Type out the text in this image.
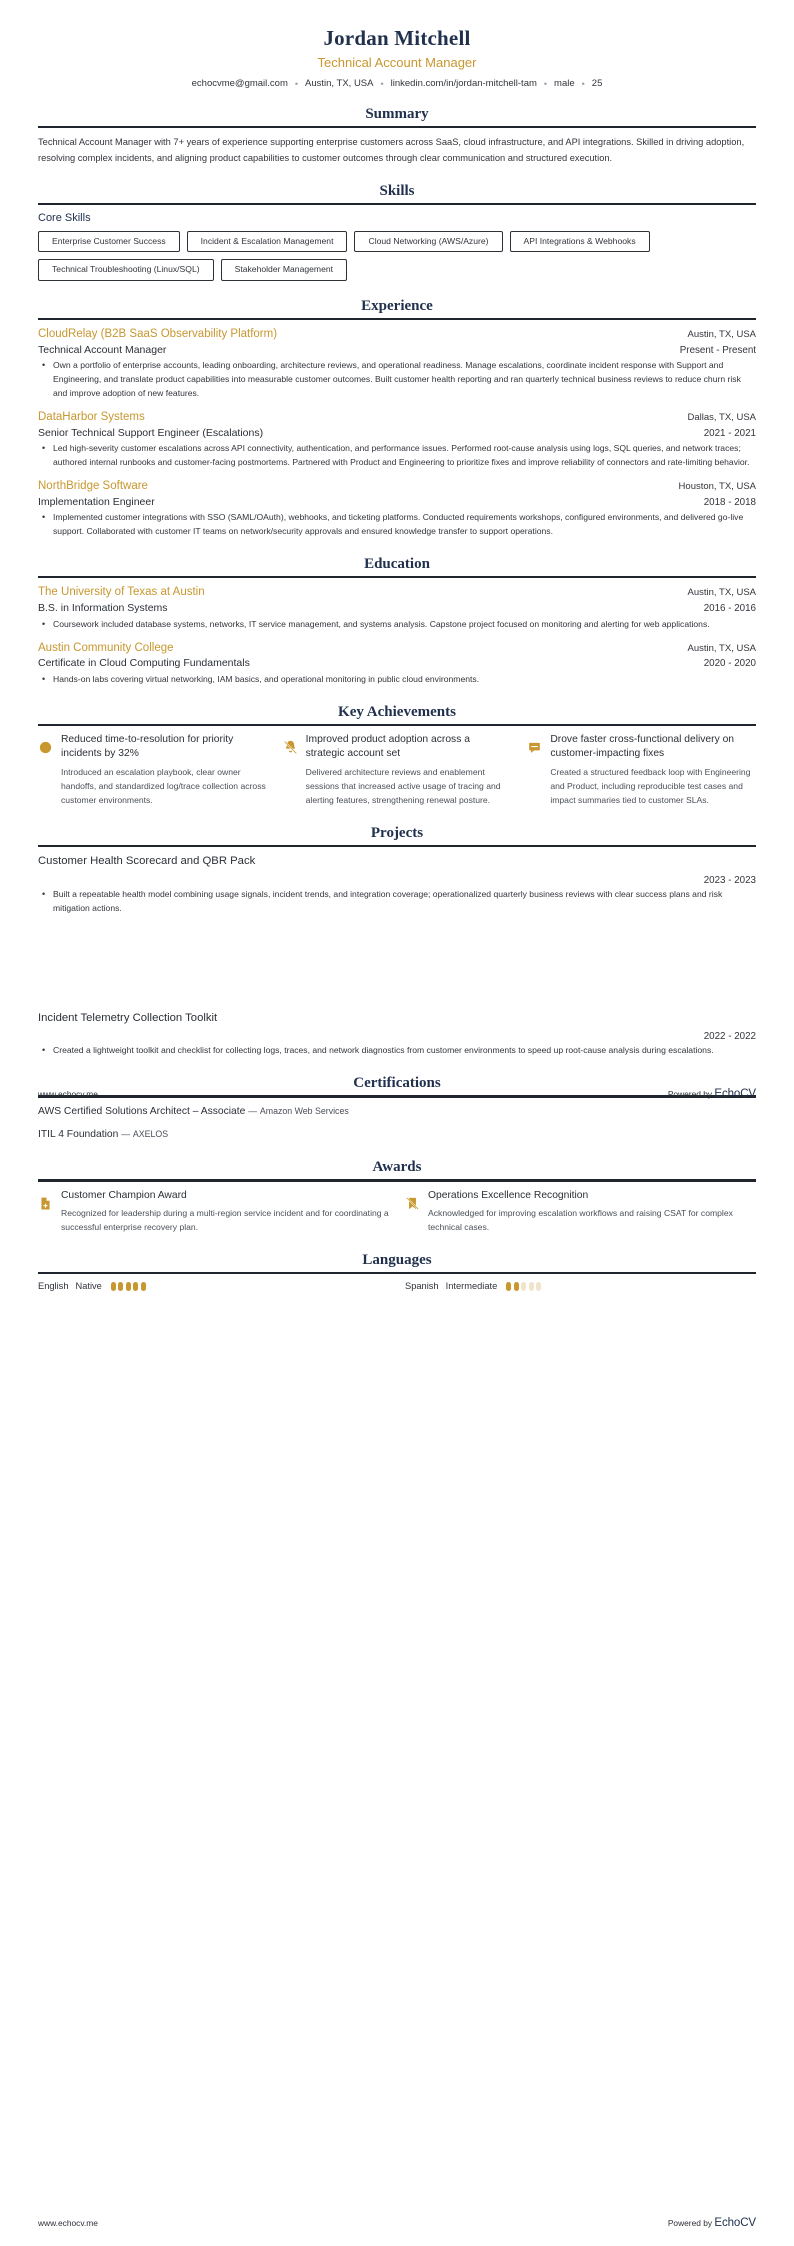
Jordan Mitchell
Technical Account Manager
echocvme@gmail.com • Austin, TX, USA • linkedin.com/in/jordan-mitchell-tam • male • 25
Summary

Technical Account Manager with 7+ years of experience supporting enterprise customers across SaaS, cloud infrastructure, and API integrations. Skilled in driving adoption, resolving complex incidents, and aligning product capabilities to customer outcomes through clear communication and structured execution.

Skills
Core Skills
Enterprise Customer Success	Incident & Escalation Management	Cloud Networking (AWS/Azure)	API Integrations & Webhooks
Technical Troubleshooting (Linux/SQL)	Stakeholder Management
Experience
CloudRelay (B2B SaaS Observability Platform)	Austin, TX, USA
Technical Account Manager	Present - Present
• Own a portfolio of enterprise accounts, leading onboarding, architecture reviews, and operational readiness. Manage escalations, coordinate incident response with Support and Engineering, and translate product capabilities into measurable customer outcomes. Built customer health reporting and ran quarterly technical business reviews to reduce churn risk and improve adoption of new features.
DataHarbor Systems	Dallas, TX, USA
Senior Technical Support Engineer (Escalations)	2021 - 2021
• Led high-severity customer escalations across API connectivity, authentication, and performance issues. Performed root-cause analysis using logs, SQL queries, and network traces; authored internal runbooks and customer-facing postmortems. Partnered with Product and Engineering to prioritize fixes and improve reliability of connectors and rate-limiting behavior.
NorthBridge Software	Houston, TX, USA
Implementation Engineer	2018 - 2018
• Implemented customer integrations with SSO (SAML/OAuth), webhooks, and ticketing platforms. Conducted requirements workshops, configured environments, and delivered go-live support. Collaborated with customer IT teams on network/security approvals and ensured knowledge transfer to support operations.
Education
The University of Texas at Austin	Austin, TX, USA
B.S. in Information Systems	2016 - 2016
• Coursework included database systems, networks, IT service management, and systems analysis. Capstone project focused on monitoring and alerting for web applications.
Austin Community College	Austin, TX, USA
Certificate in Cloud Computing Fundamentals	2020 - 2020
• Hands-on labs covering virtual networking, IAM basics, and operational monitoring in public cloud environments.
Key Achievements
₿
Reduced time-to-resolution for priority incidents by 32%
Introduced an escalation playbook, clear owner handoffs, and standardized log/trace collection across customer environments.
Improved product adoption across a strategic account set
Delivered architecture reviews and enablement sessions that increased active usage of tracing and alerting features, strengthening renewal posture.
Drove faster cross-functional delivery on customer-impacting fixes
Created a structured feedback loop with Engineering and Product, including reproducible test cases and impact summaries tied to customer SLAs.
Projects
Customer Health Scorecard and QBR Pack
2023 - 2023
• Built a repeatable health model combining usage signals, incident trends, and integration coverage; operationalized quarterly business reviews with clear success plans and risk mitigation actions.
Incident Telemetry Collection Toolkit
2022 - 2022
• Created a lightweight toolkit and checklist for collecting logs, traces, and network diagnostics from customer environments to speed up root-cause analysis during escalations.
Certifications
AWS Certified Solutions Architect – Associate — Amazon Web Services
ITIL 4 Foundation — AXELOS
Awards
Customer Champion Award
Recognized for leadership during a multi-region service incident and for coordinating a successful enterprise recovery plan.
Operations Excellence Recognition
Acknowledged for improving escalation workflows and raising CSAT for complex technical cases.
Languages
English Native	Spanish Intermediate
www.echocv.me	Powered by EchoCV
www.echocv.me	Powered by EchoCV
